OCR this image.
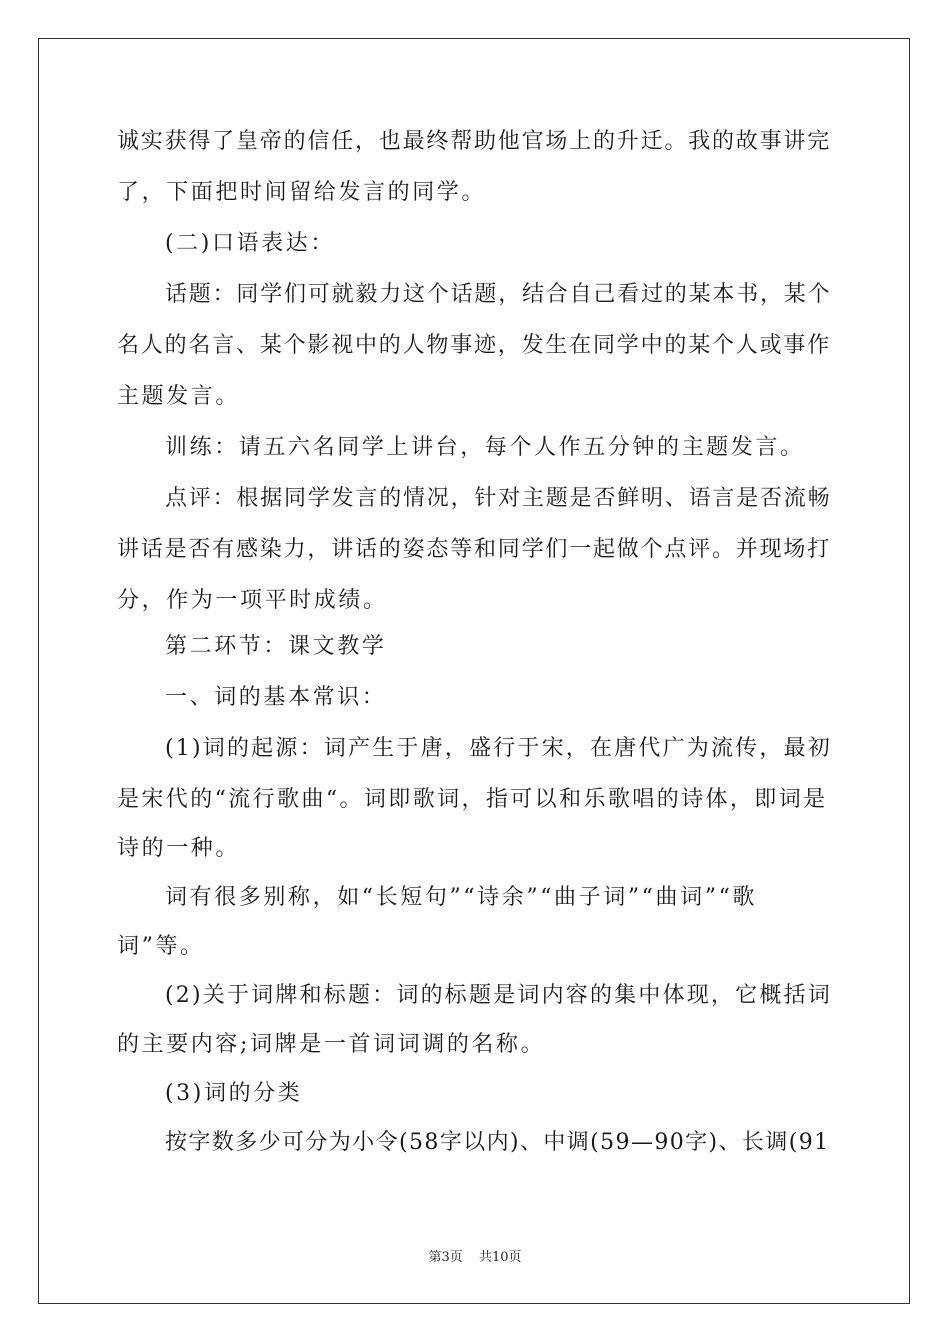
诚实获得了皇帝的信任，也最终帮助他官场上的升迁。我的故事讲完
了，下面把时间留给发言的同学。
(二)口语表达：
话题：同学们可就毅力这个话题，结合自己看过的某本书，某个
名人的名言、某个影视中的人物事迹，发生在同学中的某个人或事作
主题发言。
训练：请五六名同学上讲台，每个人作五分钟的主题发言。
点评：根据同学发言的情况，针对主题是否鲜明、语言是否流畅
讲话是否有感染力，讲话的姿态等和同学们一起做个点评。并现场打
分，作为一项平时成绩。
第二环节：课文教学
一、词的基本常识：
(1)词的起源：词产生于唐，盛行于宋，在唐代广为流传，最初
是宋代的“流行歌曲“。词即歌词，指可以和乐歌唱的诗体，即词是
诗的一种。
词有很多别称，如“长短句”“诗余”“曲子词”“曲词”“歌
词”等。
(2)关于词牌和标题：词的标题是词内容的集中体现，它概括词
的主要内容;词牌是一首词词调的名称。
(3)词的分类
按字数多少可分为小令(58字以内)、中调(59—90字)、长调(91
第3页 共10页
